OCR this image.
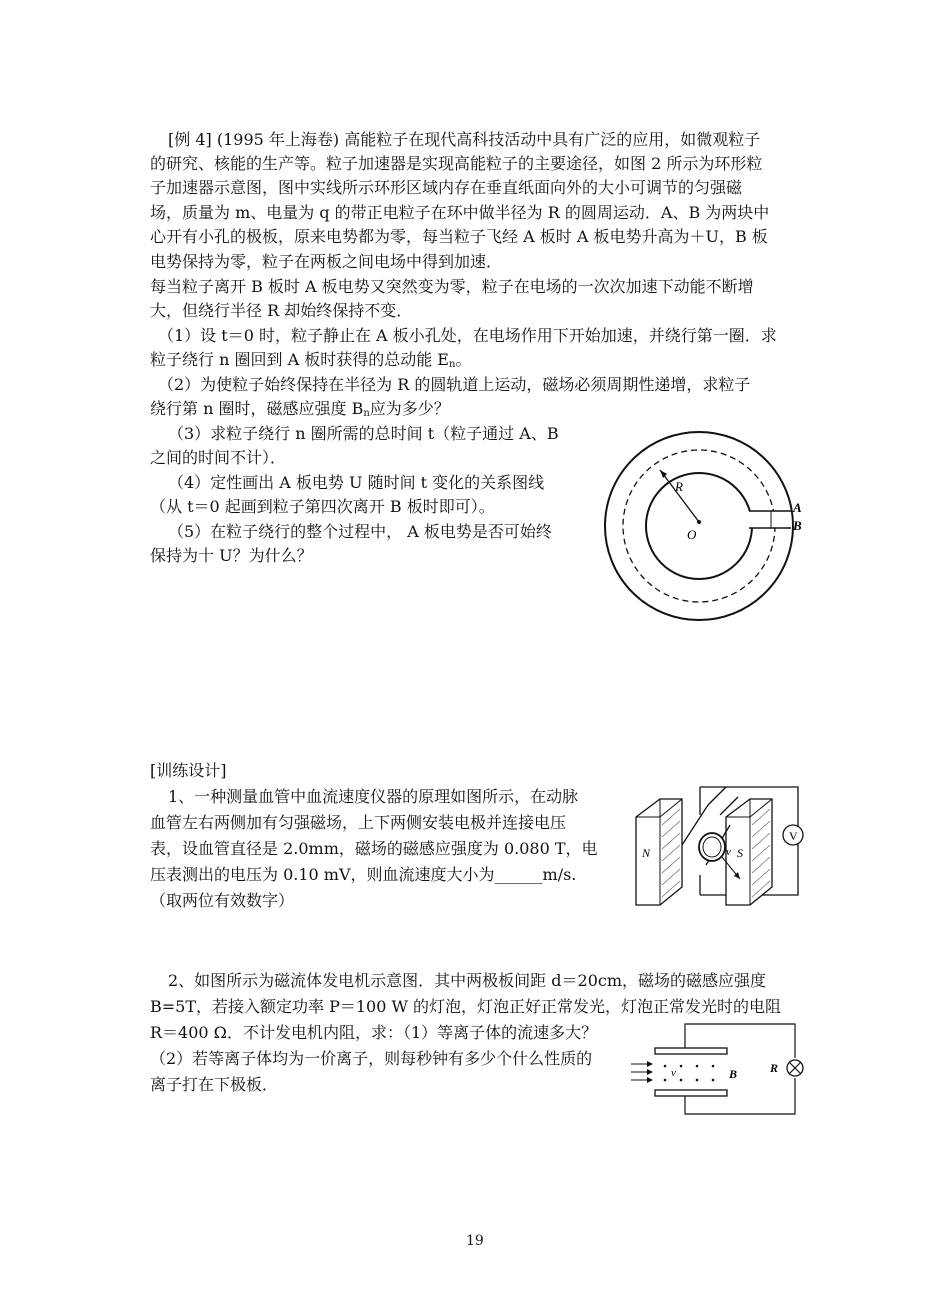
[例 4] (1995 年上海卷) 高能粒子在现代高科技活动中具有广泛的应用，如微观粒子
的研究、核能的生产等。粒子加速器是实现高能粒子的主要途径，如图 2 所示为环形粒
子加速器示意图，图中实线所示环形区域内存在垂直纸面向外的大小可调节的匀强磁
场，质量为 m、电量为 q 的带正电粒子在环中做半径为 R 的圆周运动．A、B 为两块中
心开有小孔的极板，原来电势都为零，每当粒子飞经 A 板时 A 板电势升高为＋U，B 板
电势保持为零，粒子在两板之间电场中得到加速．
每当粒子离开 B 板时 A 板电势又突然变为零，粒子在电场的一次次加速下动能不断增
大，但绕行半径 R 却始终保持不变．
（1）设 t＝0 时，粒子静止在 A 板小孔处，在电场作用下开始加速，并绕行第一圈．求
粒子绕行 n 圈回到 A 板时获得的总动能 $E_n$。
（2）为使粒子始终保持在半径为 R 的圆轨道上运动，磁场必须周期性递增，求粒子
绕行第 n 圈时，磁感应强度 $B_n$应为多少？
（3）求粒子绕行 n 圈所需的总时间 t（粒子通过 A、B
之间的时间不计）．
（4）定性画出 A 板电势 U 随时间 t 变化的关系图线
（从 t＝0 起画到粒子第四次离开 B 板时即可）。
（5）在粒子绕行的整个过程中， A 板电势是否可始终
保持为十 U？为什么？
R
O
A
B
[训练设计]
1、一种测量血管中血流速度仪器的原理如图所示，在动脉
血管左右两侧加有匀强磁场，上下两侧安装电极并连接电压
表，设血管直径是 2.0mm，磁场的磁感应强度为 0.080 T，电
压表测出的电压为 0.10 mV，则血流速度大小为______m/s.
（取两位有效数字）
V
N	S
v
2、如图所示为磁流体发电机示意图．其中两极板间距 d＝20cm，磁场的磁感应强度
B=5T，若接入额定功率 P＝100 W 的灯泡，灯泡正好正常发光，灯泡正常发光时的电阻
R＝400 Ω．不计发电机内阻，求：（1）等离子体的流速多大？
（2）若等离子体均为一价离子，则每秒钟有多少个什么性质的
离子打在下极板．
R
v	B
19
